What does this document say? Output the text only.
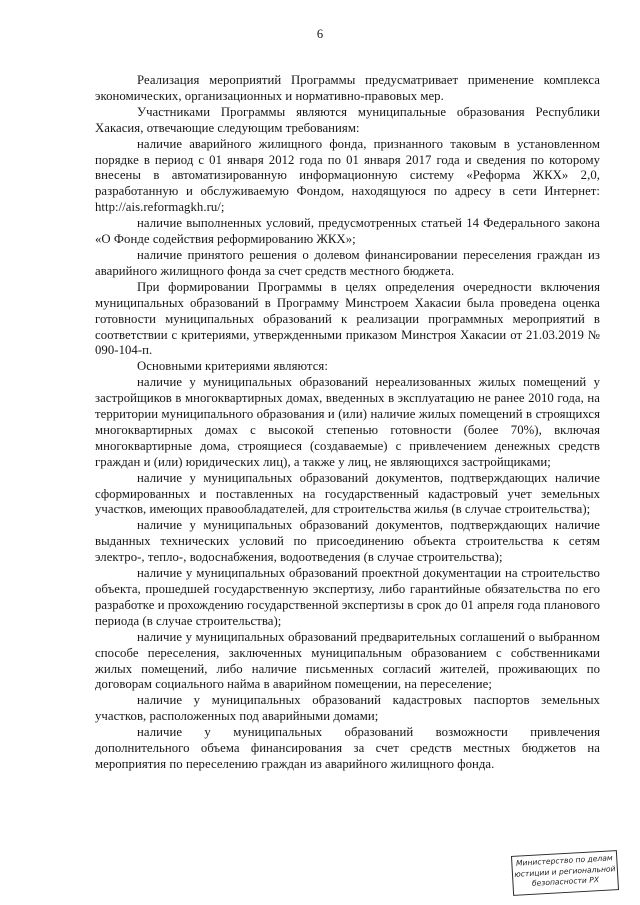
6

Реализация мероприятий Программы предусматривает применение комплекса экономических, организационных и нормативно-правовых мер.

Участниками Программы являются муниципальные образования Республики Хакасия, отвечающие следующим требованиям:

наличие аварийного жилищного фонда, признанного таковым в установленном порядке в период с 01 января 2012 года по 01 января 2017 года и сведения по которому внесены в автоматизированную информационную систему «Реформа ЖКХ» 2,0, разработанную и обслуживаемую Фондом, находящуюся по адресу в сети Интернет: http://ais.reformagkh.ru/;

наличие выполненных условий, предусмотренных статьей 14 Федерального закона «О Фонде содействия реформированию ЖКХ»;

наличие принятого решения о долевом финансировании переселения граждан из аварийного жилищного фонда за счет средств местного бюджета.

При формировании Программы в целях определения очередности включения муниципальных образований в Программу Минстроем Хакасии была проведена оценка готовности муниципальных образований к реализации программных мероприятий в соответствии с критериями, утвержденными приказом Минстроя Хакасии от 21.03.2019 № 090-104-п.

Основными критериями являются:

наличие у муниципальных образований нереализованных жилых помещений у застройщиков в многоквартирных домах, введенных в эксплуатацию не ранее 2010 года, на территории муниципального образования и (или) наличие жилых помещений в строящихся многоквартирных домах с высокой степенью готовности (более 70%), включая многоквартирные дома, строящиеся (создаваемые) с привлечением денежных средств граждан и (или) юридических лиц), а также у лиц, не являющихся застройщиками;

наличие у муниципальных образований документов, подтверждающих наличие сформированных и поставленных на государственный кадастровый учет земельных участков, имеющих правообладателей, для строительства жилья (в случае строительства);

наличие у муниципальных образований документов, подтверждающих наличие выданных технических условий по присоединению объекта строительства к сетям электро-, тепло-, водоснабжения, водоотведения (в случае строительства);

наличие у муниципальных образований проектной документации на строительство объекта, прошедшей государственную экспертизу, либо гарантийные обязательства по его разработке и прохождению государственной экспертизы в срок до 01 апреля года планового периода (в случае строительства);

наличие у муниципальных образований предварительных соглашений о выбранном способе переселения, заключенных муниципальным образованием с собственниками жилых помещений, либо наличие письменных согласий жителей, проживающих по договорам социального найма в аварийном помещении, на переселение;

наличие у муниципальных образований кадастровых паспортов земельных участков, расположенных под аварийными домами;

наличие у муниципальных образований возможности привлечения дополнительного объема финансирования за счет средств местных бюджетов на мероприятия по переселению граждан из аварийного жилищного фонда.

Министерство по делам
юстиции и региональной
безопасности РХ
